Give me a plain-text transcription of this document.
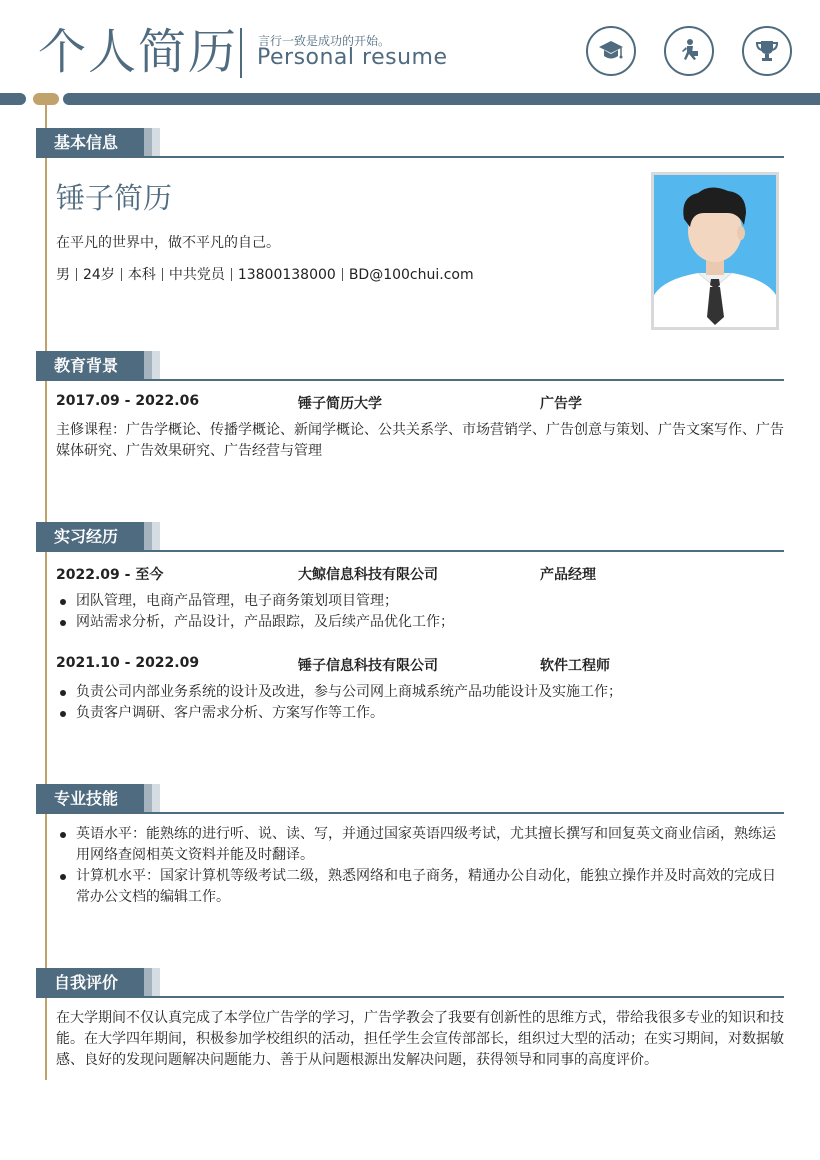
个人简历 言行一致是成功的开始。
Personal resume
基本信息
锤子简历
在平凡的世界中，做不平凡的自己。
男 24岁 本科 中共党员 13800138000 BD@100chui.com
教育背景
2017.09 - 2022.06	锤子简历大学	广告学
主修课程：广告学概论、传播学概论、新闻学概论、公共关系学、市场营销学、广告创意与策划、广告文案写作、广告媒体研究、广告效果研究、广告经营与管理
实习经历
2022.09 - 至今	大鲸信息科技有限公司	产品经理
团队管理，电商产品管理，电子商务策划项目管理；
网站需求分析，产品设计，产品跟踪，及后续产品优化工作；
2021.10 - 2022.09	锤子信息科技有限公司	软件工程师
负责公司内部业务系统的设计及改进，参与公司网上商城系统产品功能设计及实施工作；
负责客户调研、客户需求分析、方案写作等工作。
专业技能
英语水平：能熟练的进行听、说、读、写，并通过国家英语四级考试，尤其擅长撰写和回复英文商业信函，熟练运用网络查阅相英文资料并能及时翻译。
计算机水平：国家计算机等级考试二级，熟悉网络和电子商务，精通办公自动化，能独立操作并及时高效的完成日常办公文档的编辑工作。
自我评价
在大学期间不仅认真完成了本学位广告学的学习，广告学教会了我要有创新性的思维方式，带给我很多专业的知识和技能。在大学四年期间，积极参加学校组织的活动，担任学生会宣传部部长，组织过大型的活动；在实习期间，对数据敏感、良好的发现问题解决问题能力、善于从问题根源出发解决问题，获得领导和同事的高度评价。
